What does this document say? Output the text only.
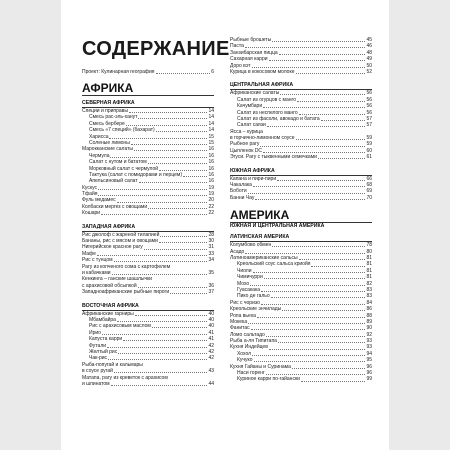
СОДЕРЖАНИЕ
Проект: Кулинарная география	6
АФРИКА
СЕВЕРНАЯ АФРИКА
Специи и приправы	14
Смесь рас-эль-ханут	14
Смесь бербере	14
Смесь «7 специй» (бахарат)	14
Хариcса	15
Соленые лимоны	15
Марокканские салаты	16
Чермула	16
Салат с нутом и бататом	16
Морковный салат с чермулой	16
Тактука (салат с помидорами и перцем)	16
Апельсиновый салат	16
Кускус	19
Тфайя	19
Фуль медамес	20
Колбаски мергез с овощами	22
Кошари	22
ЗАПАДНАЯ АФРИКА
Рис джолоф с жареной тилапией	28
Бананы, рис с мясом и овощами	30
Нигерийское красное рагу	31
Мафе	33
Рис с тунцом	34
Рагу из копченого сома с картофелем
и кабачками	35
Кенкинга – ганские шашлычки
с арахисовой обсыпкой	36
Западноафриканские рыбные пироги	37
ВОСТОЧНАЯ АФРИКА
Африканские гарниры	40
Мбамбайра	40
Рис с арахисовым маслом	40
Ирио	41
Капуста карри	41
Футали	42
Желтый рис	42
Чак-рис	42
Рыба-попугай и кальмары
в соусе ругай	43
Матапа, рагу из креветок с арахисом
и шпинатом	44
Рыбные брошеты	45
Паста	46
Занзибарская пицца	48
Сахарная карри	49
Доро вэт	50
Курица в кокосовом молоке	52
ЦЕНТРАЛЬНАЯ АФРИКА
Африканские салаты	56
Салат из огурцов с манго	56
Качумбари	56
Салат из неспелого манго	56
Салат из фасоли, авокадо и батата	57
Салат саязи	57
Ясса – курица
в горчично-лимонном соусе	59
Рыбное рагу	59
Цыпленок DC	60
Эгуси. Рагу с тыквенными семечками	61
ЮЖНАЯ АФРИКА
Капана и пири-пири	66
Чакалака	68
Боботи	69
Банни Чау	70
АМЕРИКА
ЮЖНАЯ И ЦЕНТРАЛЬНАЯ АМЕРИКА
ЛАТИНСКАЯ АМЕРИКА
Колумбово обмен	78
Асадо	80
Латиноамериканские сальсы	81
Креольский соус сальса криойя	81
Чиоли	81
Чимичурри	81
Мохо	82
Гуасакака	83
Пико де гальо	83
Рис с чоризо	84
Креольские энчилады	86
Ропа вьеха	88
Мокека	89
Фанитас	90
Ломо сальтадо	92
Рыба а-ля Типитапа	93
Кухня Индейцев	93
Хохол	94
Кучуко	95
Кухня Гайаны и Суринама	96
Наси горенг	96
Куриное карри по-гайански	99
